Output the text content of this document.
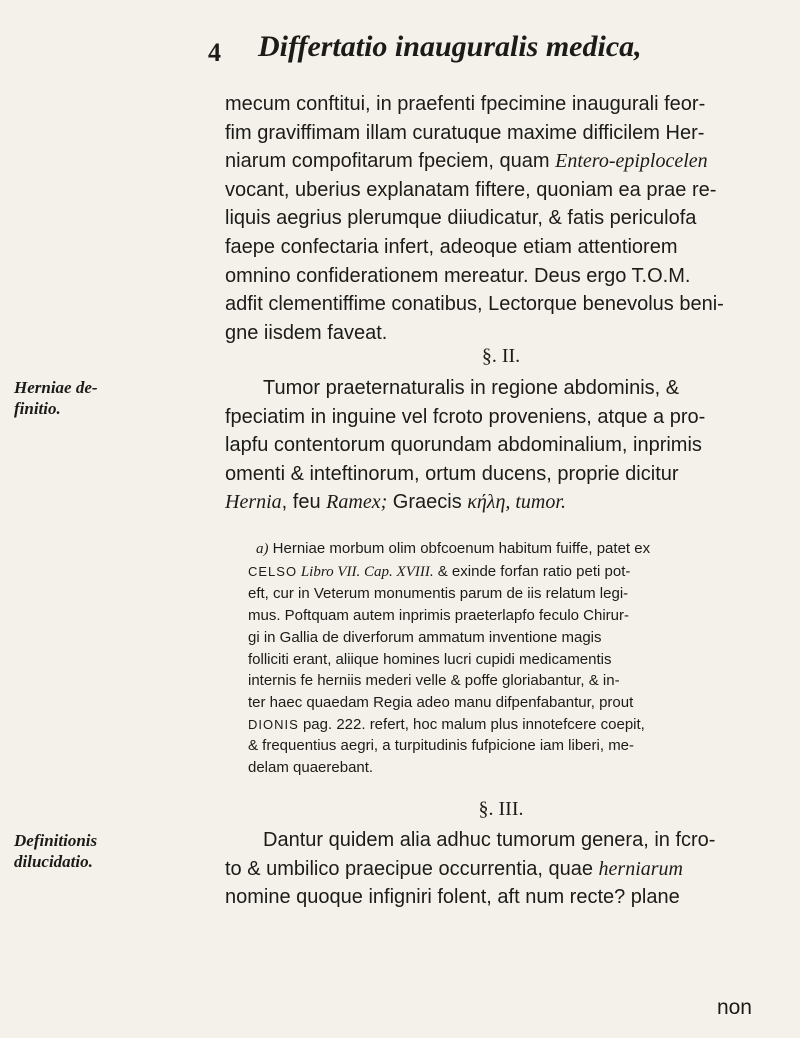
4 Differtatio inauguralis medica,
mecum conftitui, in praefenti fpecimine inaugurali feor-
fim graviffimam illam curatuque maxime difficilem Her-
niarum compofitarum fpeciem, quam Entero-epiplocelen
vocant, uberius explanatam fiftere, quoniam ea prae re-
liquis aegrius plerumque diiudicatur, & fatis periculofa
faepe confectaria infert, adeoque etiam attentiorem
omnino confiderationem mereatur. Deus ergo T.O.M.
adfit clementiffime conatibus, Lectorque benevolus beni-
gne iisdem faveat.
§. II.
Herniae de-
finitio.
Tumor praeternaturalis in regione abdominis, &
fpeciatim in inguine vel fcroto proveniens, atque a pro-
lapfu contentorum quorundam abdominalium, inprimis
omenti & inteftinorum, ortum ducens, proprie dicitur
Hernia, feu Ramex; Graecis κήλη, tumor.
a) Herniae morbum olim obfcoenum habitum fuiffe, patet ex
CELSO Libro VII. Cap. XVIII. & exinde forfan ratio peti pot-
eft, cur in Veterum monumentis parum de iis relatum legi-
mus. Poftquam autem inprimis praeterlapfo feculo Chirur-
gi in Gallia de diverforum ammatum inventione magis
folliciti erant, aliique homines lucri cupidi medicamentis
internis fe herniis mederi velle & poffe gloriabantur, & in-
ter haec quaedam Regia adeo manu difpenfabantur, prout
DIONIS pag. 222. refert, hoc malum plus innotefcere coepit,
& frequentius aegri, a turpitudinis fufpicione iam liberi, me-
delam quaerebant.
§. III.
Definitionis
dilucidatio.
Dantur quidem alia adhuc tumorum genera, in fcro-
to & umbilico praecipue occurrentia, quae herniarum
nomine quoque infigniri folent, aft num recte? plane
non
